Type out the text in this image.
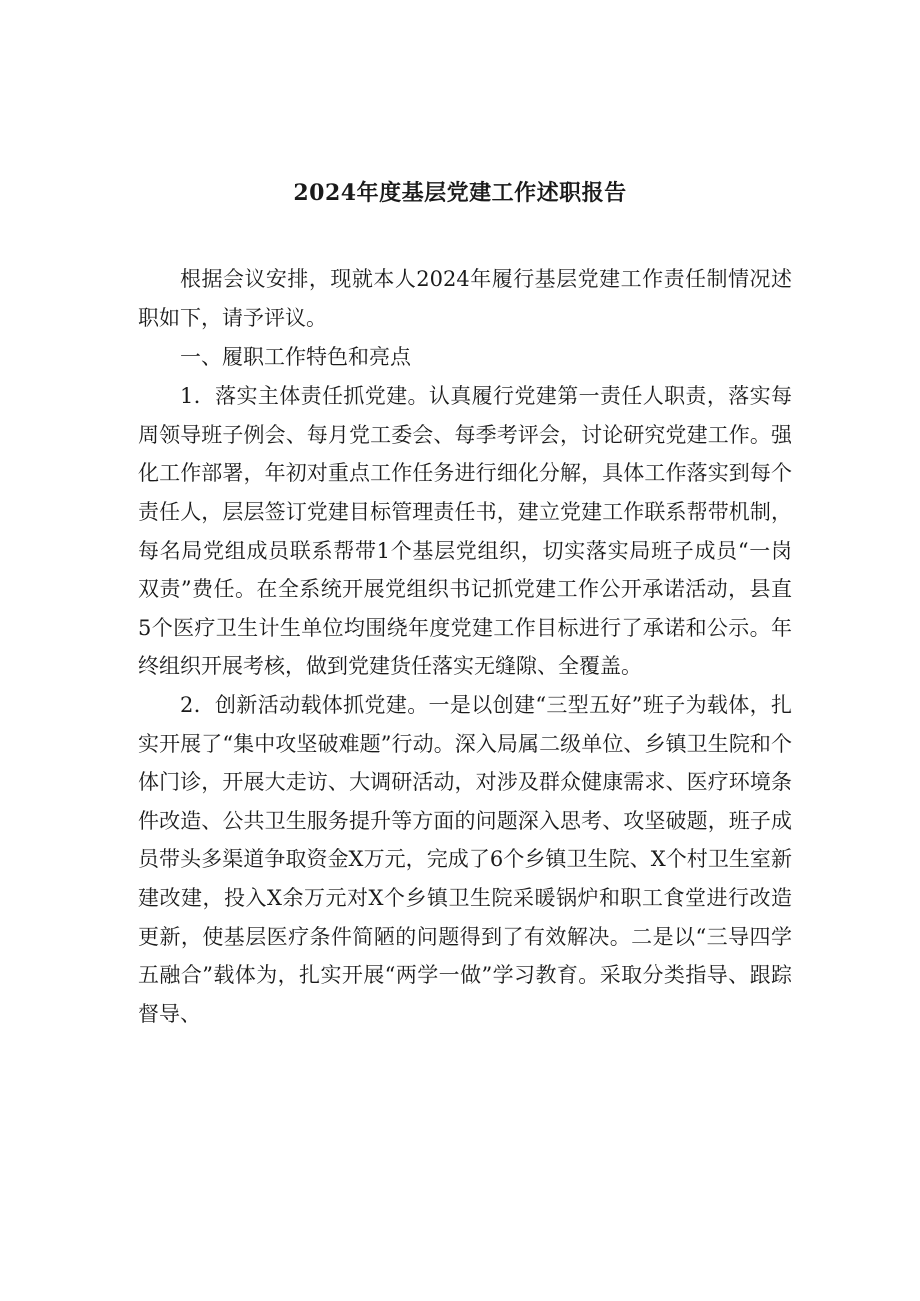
2024年度基层党建工作述职报告

根据会议安排，现就本人2024年履行基层党建工作责任制情况述职如下，请予评议。

一、履职工作特色和亮点

1．落实主体责任抓党建。认真履行党建第一责任人职责，落实每周领导班子例会、每月党工委会、每季考评会，讨论研究党建工作。强化工作部署，年初对重点工作任务进行细化分解，具体工作落实到每个责任人，层层签订党建目标管理责任书，建立党建工作联系帮带机制，每名局党组成员联系帮带1个基层党组织，切实落实局班子成员“一岗双责”费任。在全系统开展党组织书记抓党建工作公开承诺活动，县直5个医疗卫生计生单位均围绕年度党建工作目标进行了承诺和公示。年终组织开展考核，做到党建货任落实无缝隙、全覆盖。

2．创新活动载体抓党建。一是以创建“三型五好”班子为载体，扎实开展了“集中攻坚破难题”行动。深入局属二级单位、乡镇卫生院和个体门诊，开展大走访、大调研活动，对涉及群众健康需求、医疗环境条件改造、公共卫生服务提升等方面的问题深入思考、攻坚破题，班子成员带头多渠道争取资金X万元，完成了6个乡镇卫生院、X个村卫生室新建改建，投入X余万元对X个乡镇卫生院采暖锅炉和职工食堂进行改造更新，使基层医疗条件简陋的问题得到了有效解决。二是以“三导四学五融合”载体为，扎实开展“两学一做”学习教育。采取分类指导、跟踪督导、
